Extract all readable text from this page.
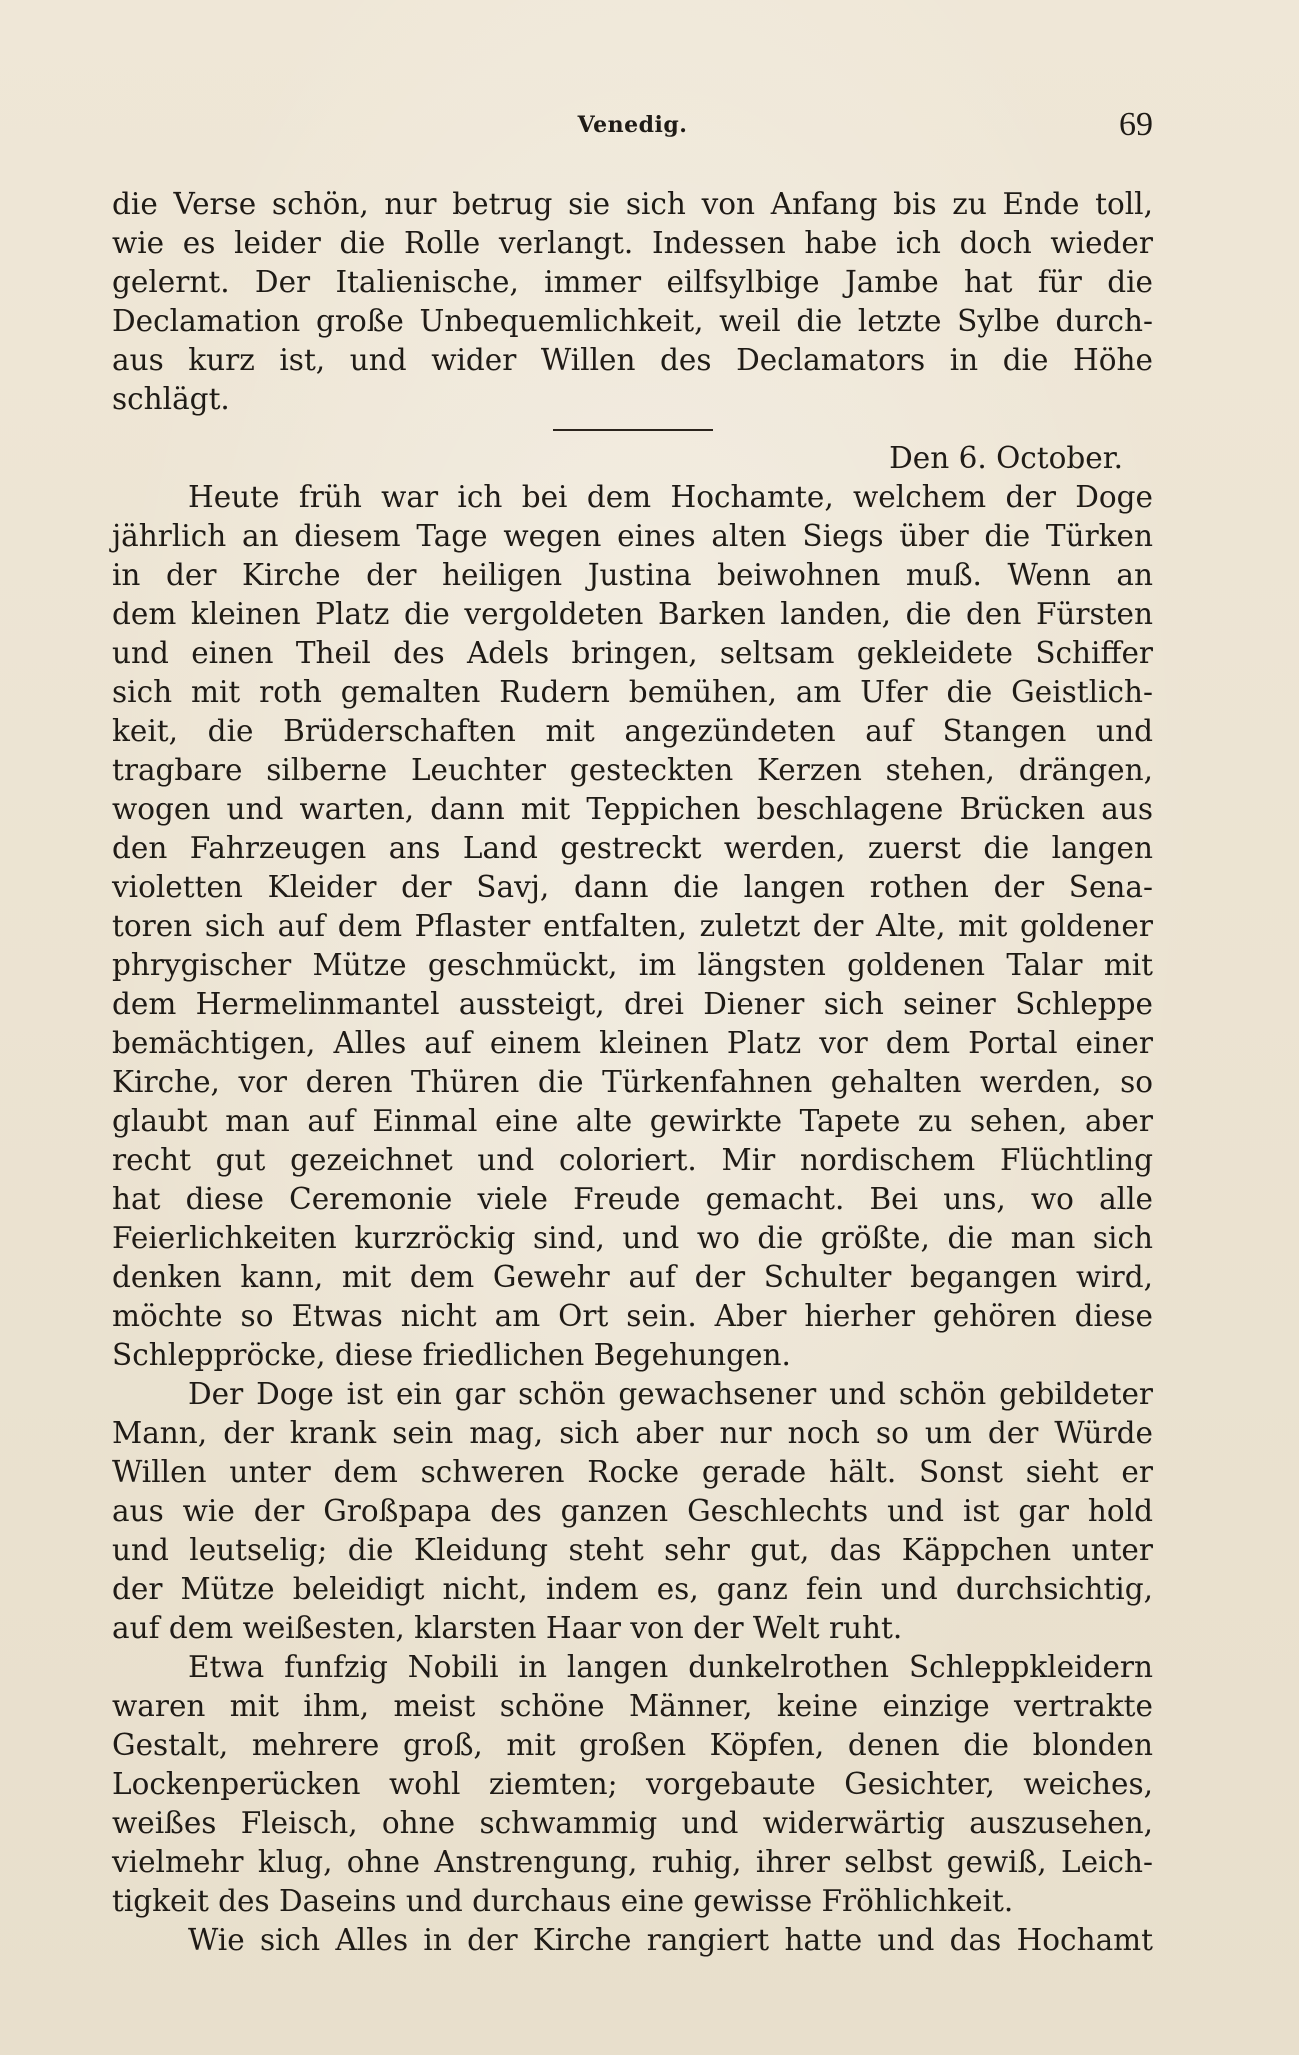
Venedig.	69
die Verse schön, nur betrug sie sich von Anfang bis zu Ende toll,
wie es leider die Rolle verlangt. Indessen habe ich doch wieder
gelernt. Der Italienische, immer eilfsylbige Jambe hat für die
Declamation große Unbequemlichkeit, weil die letzte Sylbe durch-
aus kurz ist, und wider Willen des Declamators in die Höhe
schlägt.
Den 6. October.
Heute früh war ich bei dem Hochamte, welchem der Doge
jährlich an diesem Tage wegen eines alten Siegs über die Türken
in der Kirche der heiligen Justina beiwohnen muß. Wenn an
dem kleinen Platz die vergoldeten Barken landen, die den Fürsten
und einen Theil des Adels bringen, seltsam gekleidete Schiffer
sich mit roth gemalten Rudern bemühen, am Ufer die Geistlich-
keit, die Brüderschaften mit angezündeten auf Stangen und
tragbare silberne Leuchter gesteckten Kerzen stehen, drängen,
wogen und warten, dann mit Teppichen beschlagene Brücken aus
den Fahrzeugen ans Land gestreckt werden, zuerst die langen
violetten Kleider der Savj, dann die langen rothen der Sena-
toren sich auf dem Pflaster entfalten, zuletzt der Alte, mit goldener
phrygischer Mütze geschmückt, im längsten goldenen Talar mit
dem Hermelinmantel aussteigt, drei Diener sich seiner Schleppe
bemächtigen, Alles auf einem kleinen Platz vor dem Portal einer
Kirche, vor deren Thüren die Türkenfahnen gehalten werden, so
glaubt man auf Einmal eine alte gewirkte Tapete zu sehen, aber
recht gut gezeichnet und coloriert. Mir nordischem Flüchtling
hat diese Ceremonie viele Freude gemacht. Bei uns, wo alle
Feierlichkeiten kurzröckig sind, und wo die größte, die man sich
denken kann, mit dem Gewehr auf der Schulter begangen wird,
möchte so Etwas nicht am Ort sein. Aber hierher gehören diese
Schleppröcke, diese friedlichen Begehungen.
Der Doge ist ein gar schön gewachsener und schön gebildeter
Mann, der krank sein mag, sich aber nur noch so um der Würde
Willen unter dem schweren Rocke gerade hält. Sonst sieht er
aus wie der Großpapa des ganzen Geschlechts und ist gar hold
und leutselig; die Kleidung steht sehr gut, das Käppchen unter
der Mütze beleidigt nicht, indem es, ganz fein und durchsichtig,
auf dem weißesten, klarsten Haar von der Welt ruht.
Etwa funfzig Nobili in langen dunkelrothen Schleppkleidern
waren mit ihm, meist schöne Männer, keine einzige vertrakte
Gestalt, mehrere groß, mit großen Köpfen, denen die blonden
Lockenperücken wohl ziemten; vorgebaute Gesichter, weiches,
weißes Fleisch, ohne schwammig und widerwärtig auszusehen,
vielmehr klug, ohne Anstrengung, ruhig, ihrer selbst gewiß, Leich-
tigkeit des Daseins und durchaus eine gewisse Fröhlichkeit.
Wie sich Alles in der Kirche rangiert hatte und das Hochamt
